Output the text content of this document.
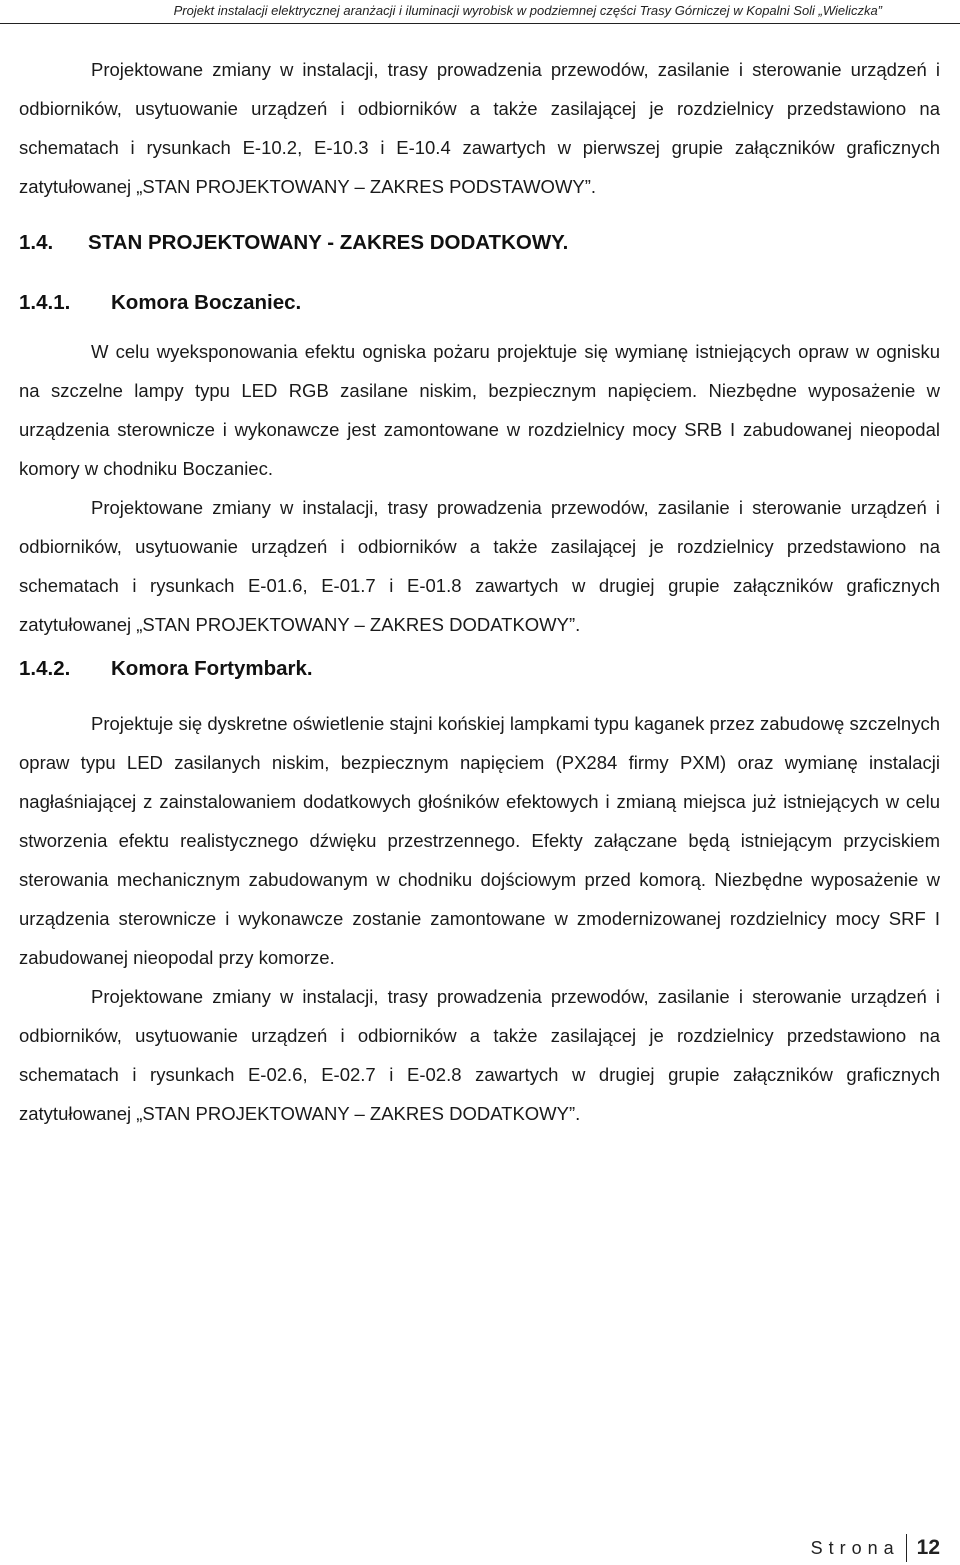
Projekt instalacji elektrycznej aranżacji i iluminacji wyrobisk w podziemnej części Trasy Górniczej w Kopalni Soli „Wieliczka”

Projektowane zmiany w instalacji, trasy prowadzenia przewodów, zasilanie i sterowanie urządzeń i odbiorników, usytuowanie urządzeń i odbiorników a także zasilającej je rozdzielnicy przedstawiono na schematach i rysunkach E-10.2, E-10.3 i E-10.4 zawartych w pierwszej grupie załączników graficznych zatytułowanej „STAN PROJEKTOWANY – ZAKRES PODSTAWOWY”.

1.4. STAN PROJEKTOWANY - ZAKRES DODATKOWY.
1.4.1. Komora Boczaniec.

W celu wyeksponowania efektu ogniska pożaru projektuje się wymianę istniejących opraw w ognisku na szczelne lampy typu LED RGB zasilane niskim, bezpiecznym napięciem. Niezbędne wyposażenie w urządzenia sterownicze i wykonawcze jest zamontowane w rozdzielnicy mocy SRB I zabudowanej nieopodal komory w chodniku Boczaniec.

Projektowane zmiany w instalacji, trasy prowadzenia przewodów, zasilanie i sterowanie urządzeń i odbiorników, usytuowanie urządzeń i odbiorników a także zasilającej je rozdzielnicy przedstawiono na schematach i rysunkach E-01.6, E-01.7 i E-01.8 zawartych w drugiej grupie załączników graficznych zatytułowanej „STAN PROJEKTOWANY – ZAKRES DODATKOWY”.

1.4.2. Komora Fortymbark.

Projektuje się dyskretne oświetlenie stajni końskiej lampkami typu kaganek przez zabudowę szczelnych opraw typu LED zasilanych niskim, bezpiecznym napięciem (PX284 firmy PXM) oraz wymianę instalacji nagłaśniającej z zainstalowaniem dodatkowych głośników efektowych i zmianą miejsca już istniejących w celu stworzenia efektu realistycznego dźwięku przestrzennego. Efekty załączane będą istniejącym przyciskiem sterowania mechanicznym zabudowanym w chodniku dojściowym przed komorą. Niezbędne wyposażenie w urządzenia sterownicze i wykonawcze zostanie zamontowane w zmodernizowanej rozdzielnicy mocy SRF I zabudowanej nieopodal przy komorze.

Projektowane zmiany w instalacji, trasy prowadzenia przewodów, zasilanie i sterowanie urządzeń i odbiorników, usytuowanie urządzeń i odbiorników a także zasilającej je rozdzielnicy przedstawiono na schematach i rysunkach E-02.6, E-02.7 i E-02.8 zawartych w drugiej grupie załączników graficznych zatytułowanej „STAN PROJEKTOWANY – ZAKRES DODATKOWY”.

Strona 12
